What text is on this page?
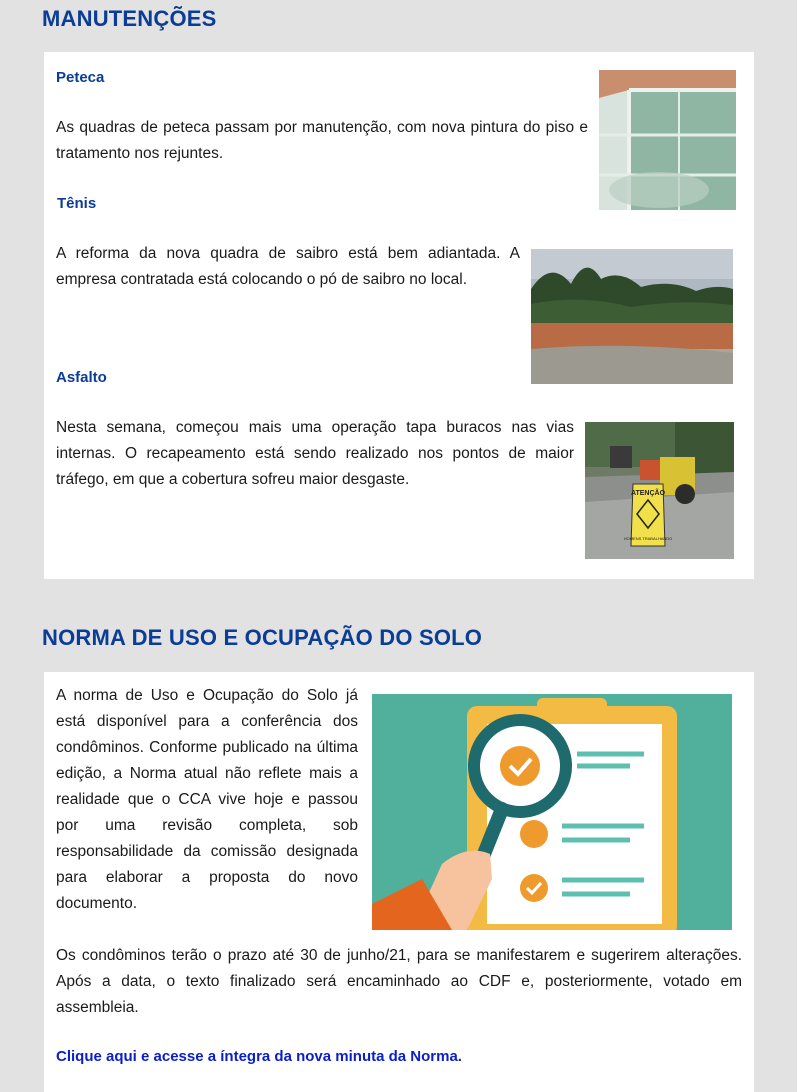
MANUTENÇÕES
Peteca

As quadras de peteca passam por manutenção, com nova pintura do piso e tratamento nos rejuntes.

Tênis

A reforma da nova quadra de saibro está bem adiantada. A empresa contratada está colocando o pó de saibro no local.

Asfalto

Nesta semana, começou mais uma operação tapa buracos nas vias internas. O recapeamento está sendo realizado nos pontos de maior tráfego, em que a cobertura sofreu maior desgaste.

ATENÇÃO
HOMENS TRABALHANDO
NORMA DE USO E OCUPAÇÃO DO SOLO

A norma de Uso e Ocupação do Solo já está disponível para a conferência dos condôminos. Conforme publicado na última edição, a Norma atual não reflete mais a realidade que o CCA vive hoje e passou por uma revisão completa, sob responsabilidade da comissão designada para elaborar a proposta do novo documento.

Os condôminos terão o prazo até 30 de junho/21, para se manifestarem e sugerirem alterações. Após a data, o texto finalizado será encaminhado ao CDF e, posteriormente, votado em assembleia.

Clique aqui e acesse a íntegra da nova minuta da Norma.
